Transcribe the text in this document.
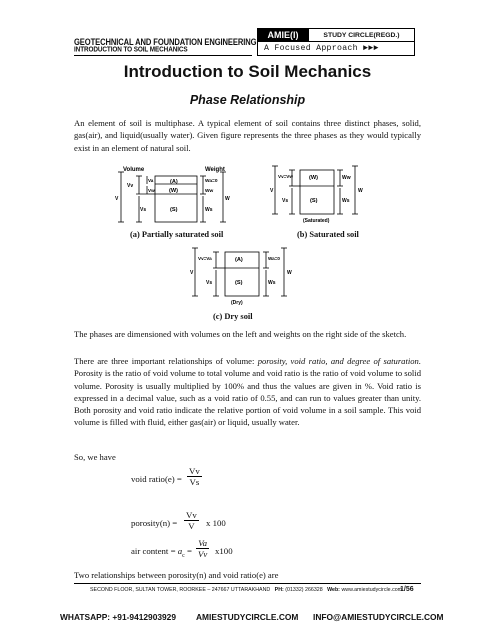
GEOTECHNICAL AND FOUNDATION ENGINEERING
INTRODUCTION TO SOIL MECHANICS
AMIE(I)	STUDY CIRCLE(REGD.)
A Focused Approach ►►►
Introduction to Soil Mechanics
Phase Relationship
An element of soil is multiphase. A typical element of soil contains three distinct phases, solid, gas(air), and liquid(usually water). Given figure represents the three phases as they would typically exist in an element of natural soil.
Volume	Weight
(A)
(W)
(S)
Vv
Va
Vw
V
Vs
Wa=0
Ww
W
Ws
(a) Partially saturated soil
(W)
(S)
Vv=Vw
V
Vs
Ww
W
Ws
(Saturated)
(b) Saturated soil
(A)
(S)
Vv=Va
V
Vs
Wa=0
W
Ws
(Dry)
(c) Dry soil
The phases are dimensioned with volumes on the left and weights on the right side of the sketch.
There are three important relationships of volume: porosity, void ratio, and degree of saturation. Porosity is the ratio of void volume to total volume and void ratio is the ratio of void volume to solid volume. Porosity is usually multiplied by 100% and thus the values are given in %. Void ratio is expressed in a decimal value, such as a void ratio of 0.55, and can run to values greater than unity. Both porosity and void ratio indicate the relative portion of void volume in a soil sample. This void volume is filled with fluid, either gas(air) or liquid, usually water.
So, we have
void ratio(e) = $\frac{Vv}{Vs}$
porosity(n) = $\frac{Vv}{V}$ x 100
air content = $a_c = \frac{Va}{Vv} x100$
Two relationships between porosity(n) and void ratio(e) are
SECOND FLOOR, SULTAN TOWER, ROORKEE – 247667 UTTARAKHAND PH: (01332) 266328 Web: www.amiestudycircle.com
1/56
WHATSAPP: +91-9412903929 AMIESTUDYCIRCLE.COM INFO@AMIESTUDYCIRCLE.COM
